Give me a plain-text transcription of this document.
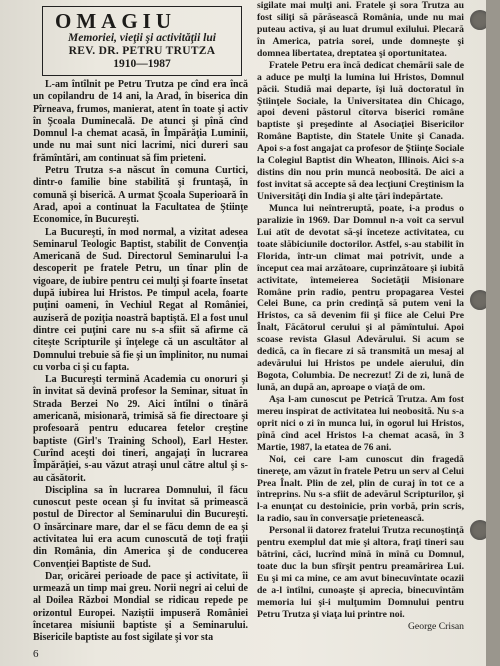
OMAGIU
Memoriei, vieţii şi activităţii lui
REV. DR. PETRU TRUTZA
1910—1987

L-am întîlnit pe Petru Trutza pe cînd era încă un copilandru de 14 ani, la Arad, în biserica din Pîrneava, frumos, manierat, atent în toate şi activ în Şcoala Duminecală. De atunci şi pînă cînd Domnul l-a chemat acasă, în Împărăţia Luminii, unde nu mai sunt nici lacrimi, nici dureri sau frămîntări, am continuat să fim prieteni.

Petru Trutza s-a născut în comuna Curtici, dintr-o familie bine stabilită şi fruntaşă, în comună şi biserică. A urmat Şcoala Superioară în Arad, apoi a continuat la Facultatea de Ştiinţe Economice, în Bucureşti.

La Bucureşti, în mod normal, a vizitat adesea Seminarul Teologic Baptist, stabilit de Convenţia Americană de Sud. Directorul Seminarului l-a descoperit pe fratele Petru, un tînar plin de vigoare, de iubire pentru cei mulţi şi foarte însetat după iubirea lui Hristos. Pe timpul acela, foarte puţini oameni, în Vechiul Regat al României, auziseră de poziţia noastră baptiştă. El a fost unul dintre cei puţini care nu s-a sfiit să afirme că citeşte Scripturile şi înţelege că un ascultător al Domnului trebuie să fie şi un împlinitor, nu numai cu vorba ci şi cu fapta.

La Bucureşti termină Academia cu onoruri şi în invitat să devină profesor la Seminar, situat în Strada Berzei No 29. Aici întîlni o tînără americană, misionară, trimisă să fie directoare şi profesoară pentru educarea fetelor creştine baptiste (Girl's Training School), Earl Hester. Curînd aceşti doi tineri, angajaţi în lucrarea Împărăţiei, s-au văzut atraşi unul către altul şi s-au căsătorit.

Disciplina sa în lucrarea Domnului, îl făcu cunoscut peste ocean şi fu invitat să primească postul de Director al Seminarului din Bucureşti. O însărcinare mare, dar el se făcu demn de ea şi activitatea lui era acum cunoscută de toţi fraţii din România, din America şi de conducerea Convenţiei Baptiste de Sud.

Dar, oricărei perioade de pace şi activitate, îi urmează un timp mai greu. Norii negri ai celui de al Doilea Război Mondial se ridicau repede pe orizontul Europei. Naziştii impuseră României încetarea misiunii baptiste şi a Seminarului. Bisericile baptiste au fost sigilate şi vor sta

sigilate mai mulţi ani. Fratele şi sora Trutza au fost siliţi să părăsească România, unde nu mai puteau activa, şi au luat drumul exilului. Plecară în America, patria sorei, unde domneşte şi domnea libertatea, dreptatea şi oportunitatea.

Fratele Petru era încă dedicat chemării sale de a aduce pe mulţi la lumina lui Hristos, Domnul păcii. Studiă mai departe, îşi luă doctoratul în Ştiinţele Sociale, la Universitatea din Chicago, apoi deveni păstorul cîtorva biserici române baptiste şi preşedinte al Asociaţiei Bisericilor Române Baptiste, din Statele Unite şi Canada. Apoi s-a fost angajat ca profesor de Ştiinţe Sociale la Colegiul Baptist din Wheaton, Illinois. Aici s-a distins din nou prin muncă neobosită. De aici a fost invitat să accepte să dea lecţiuni Creştinism la Universităţi din India şi alte ţări îndepărtate.

Munca lui neîntreruptă, poate, i-a produs o paralizie în 1969. Dar Domnul n-a voit ca servul Lui atît de devotat să-şi înceteze activitatea, cu toate slăbiciunile doctorilor. Astfel, s-au stabilit în Florida, într-un climat mai potrivit, unde a început cea mai arzătoare, cuprinzătoare şi iubită activitate, întemeierea Societăţii Misionare Române prin radio, pentru propagarea Vestei Celei Bune, ca prin credinţă să putem veni la Hristos, ca să devenim fii şi fiice ale Celui Pre Înalt, Făcătorul cerului şi al pămîntului. Apoi scoase revista Glasul Adevărului. Si acum se dedică, ca în fiecare zi să transmită un mesaj al adevărului lui Hristos pe undele aierului, din Bogota, Columbia. De necrezut! Zi de zi, lună de lună, an după an, aproape o viaţă de om.

Aşa l-am cunoscut pe Petrică Trutza. Am fost mereu inspirat de activitatea lui neobosită. Nu s-a oprit nici o zi în munca lui, în ogorul lui Hristos, pînă cînd acel Hristos l-a chemat acasă, în 3 Martie, 1987, la etatea de 76 ani.

Noi, cei care l-am cunoscut din fragedă tinereţe, am văzut în fratele Petru un serv al Celui Prea Înalt. Plin de zel, plin de curaj în tot ce a întreprins. Nu s-a sfiit de adevărul Scripturilor, şi l-a enunţat cu destoinicie, prin vorbă, prin scris, la radio, sau în conversaţie prietenească.

Personal îi datorez fratelui Trutza recunoştinţă pentru exemplul dat mie şi altora, fraţi tineri sau bătrîni, căci, lucrînd mînă în mînă cu Domnul, toate duc la bun sfîrşit pentru preamărirea Lui. Eu şi mi ca mine, ce am avut binecuvîntate ocazii de a-l întîlni, cunoaşte şi aprecia, binecuvîntăm memoria lui şi-i mulţumim Domnului pentru Petru Trutza şi viaţa lui printre noi.

George Crisan

6
